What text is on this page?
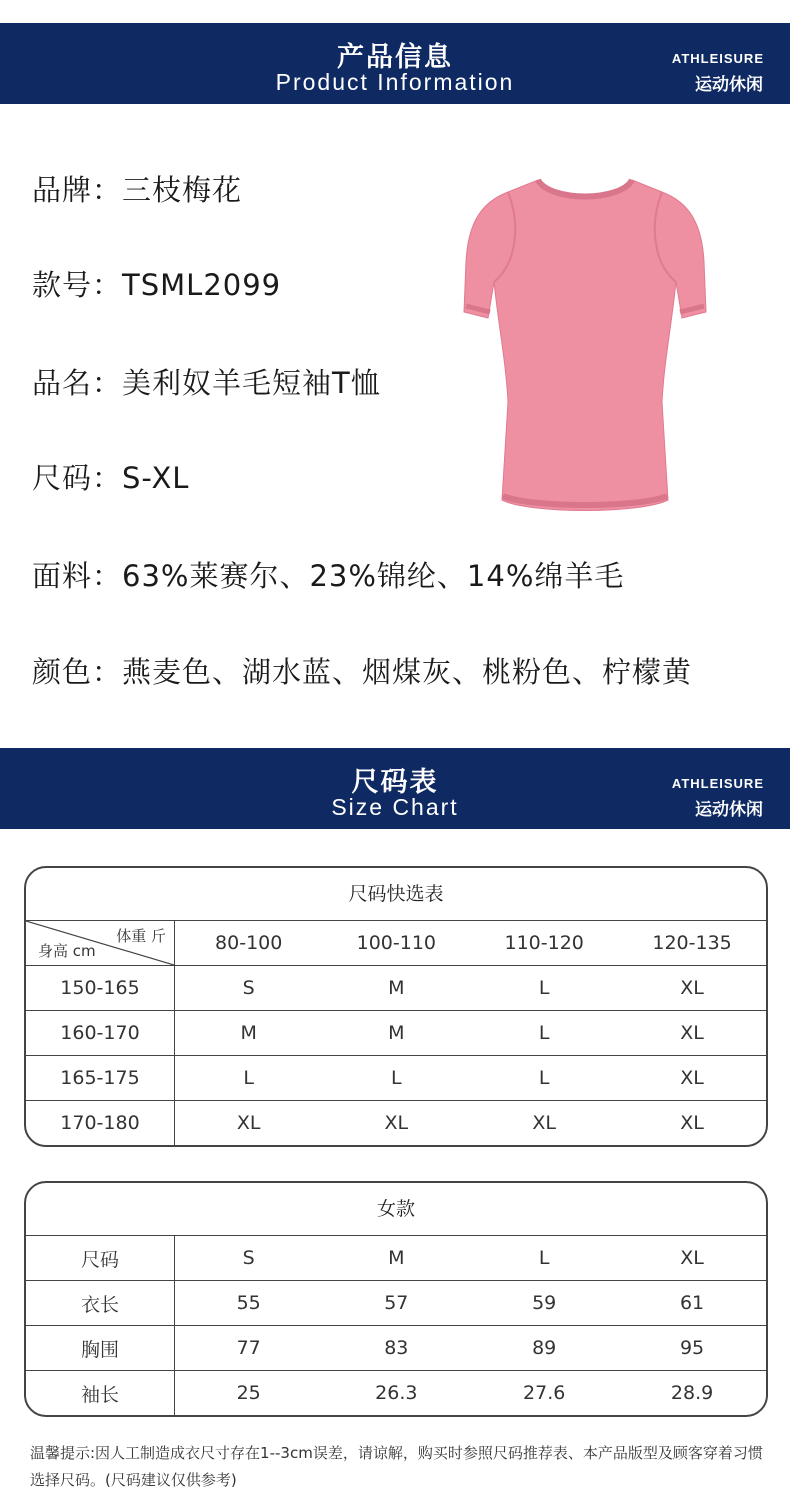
产品信息
Product Information
ATHLEISURE
运动休闲
品牌：三枝梅花
款号：TSML2099
品名：美利奴羊毛短袖T恤
尺码：S-XL
面料：63%莱赛尔、23%锦纶、14%绵羊毛
颜色：燕麦色、湖水蓝、烟煤灰、桃粉色、柠檬黄
尺码表
Size Chart
ATHLEISURE
运动休闲
尺码快选表
体重 斤
身高 cm	80-100	100-110	110-120	120-135
150-165	S	M	L	XL
160-170	M	M	L	XL
165-175	L	L	L	XL
170-180	XL	XL	XL	XL
女款
尺码	S	M	L	XL
衣长	55	57	59	61
胸围	77	83	89	95
袖长	25	26.3	27.6	28.9
温馨提示:因人工制造成衣尺寸存在1--3cm误差，请谅解，购买时参照尺码推荐表、本产品版型及顾客穿着习惯选择尺码。(尺码建议仅供参考)
